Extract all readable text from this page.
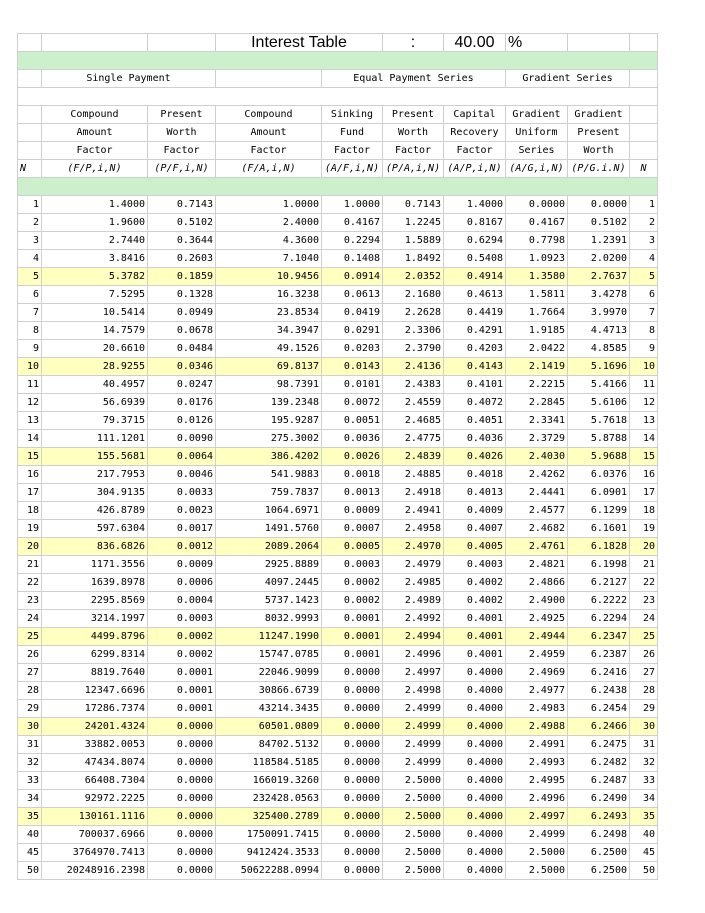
			Interest Table		:	40.00	%		

	Single Payment			Equal Payment Series			Gradient Series		

	Compound	Present	Compound	Sinking	Present	Capital	Gradient	Gradient	
	Amount	Worth	Amount	Fund	Worth	Recovery	Uniform	Present	
	Factor	Factor	Factor	Factor	Factor	Factor	Series	Worth	
N	(F/P,i,N)	(P/F,i,N)	(F/A,i,N)	(A/F,i,N)	(P/A,i,N)	(A/P,i,N)	(A/G,i,N)	(P/G.i.N)	N

1	1.4000	0.7143	1.0000	1.0000	0.7143	1.4000	0.0000	0.0000	1
2	1.9600	0.5102	2.4000	0.4167	1.2245	0.8167	0.4167	0.5102	2
3	2.7440	0.3644	4.3600	0.2294	1.5889	0.6294	0.7798	1.2391	3
4	3.8416	0.2603	7.1040	0.1408	1.8492	0.5408	1.0923	2.0200	4
5	5.3782	0.1859	10.9456	0.0914	2.0352	0.4914	1.3580	2.7637	5
6	7.5295	0.1328	16.3238	0.0613	2.1680	0.4613	1.5811	3.4278	6
7	10.5414	0.0949	23.8534	0.0419	2.2628	0.4419	1.7664	3.9970	7
8	14.7579	0.0678	34.3947	0.0291	2.3306	0.4291	1.9185	4.4713	8
9	20.6610	0.0484	49.1526	0.0203	2.3790	0.4203	2.0422	4.8585	9
10	28.9255	0.0346	69.8137	0.0143	2.4136	0.4143	2.1419	5.1696	10
11	40.4957	0.0247	98.7391	0.0101	2.4383	0.4101	2.2215	5.4166	11
12	56.6939	0.0176	139.2348	0.0072	2.4559	0.4072	2.2845	5.6106	12
13	79.3715	0.0126	195.9287	0.0051	2.4685	0.4051	2.3341	5.7618	13
14	111.1201	0.0090	275.3002	0.0036	2.4775	0.4036	2.3729	5.8788	14
15	155.5681	0.0064	386.4202	0.0026	2.4839	0.4026	2.4030	5.9688	15
16	217.7953	0.0046	541.9883	0.0018	2.4885	0.4018	2.4262	6.0376	16
17	304.9135	0.0033	759.7837	0.0013	2.4918	0.4013	2.4441	6.0901	17
18	426.8789	0.0023	1064.6971	0.0009	2.4941	0.4009	2.4577	6.1299	18
19	597.6304	0.0017	1491.5760	0.0007	2.4958	0.4007	2.4682	6.1601	19
20	836.6826	0.0012	2089.2064	0.0005	2.4970	0.4005	2.4761	6.1828	20
21	1171.3556	0.0009	2925.8889	0.0003	2.4979	0.4003	2.4821	6.1998	21
22	1639.8978	0.0006	4097.2445	0.0002	2.4985	0.4002	2.4866	6.2127	22
23	2295.8569	0.0004	5737.1423	0.0002	2.4989	0.4002	2.4900	6.2222	23
24	3214.1997	0.0003	8032.9993	0.0001	2.4992	0.4001	2.4925	6.2294	24
25	4499.8796	0.0002	11247.1990	0.0001	2.4994	0.4001	2.4944	6.2347	25
26	6299.8314	0.0002	15747.0785	0.0001	2.4996	0.4001	2.4959	6.2387	26
27	8819.7640	0.0001	22046.9099	0.0000	2.4997	0.4000	2.4969	6.2416	27
28	12347.6696	0.0001	30866.6739	0.0000	2.4998	0.4000	2.4977	6.2438	28
29	17286.7374	0.0001	43214.3435	0.0000	2.4999	0.4000	2.4983	6.2454	29
30	24201.4324	0.0000	60501.0809	0.0000	2.4999	0.4000	2.4988	6.2466	30
31	33882.0053	0.0000	84702.5132	0.0000	2.4999	0.4000	2.4991	6.2475	31
32	47434.8074	0.0000	118584.5185	0.0000	2.4999	0.4000	2.4993	6.2482	32
33	66408.7304	0.0000	166019.3260	0.0000	2.5000	0.4000	2.4995	6.2487	33
34	92972.2225	0.0000	232428.0563	0.0000	2.5000	0.4000	2.4996	6.2490	34
35	130161.1116	0.0000	325400.2789	0.0000	2.5000	0.4000	2.4997	6.2493	35
40	700037.6966	0.0000	1750091.7415	0.0000	2.5000	0.4000	2.4999	6.2498	40
45	3764970.7413	0.0000	9412424.3533	0.0000	2.5000	0.4000	2.5000	6.2500	45
50	20248916.2398	0.0000	50622288.0994	0.0000	2.5000	0.4000	2.5000	6.2500	50
